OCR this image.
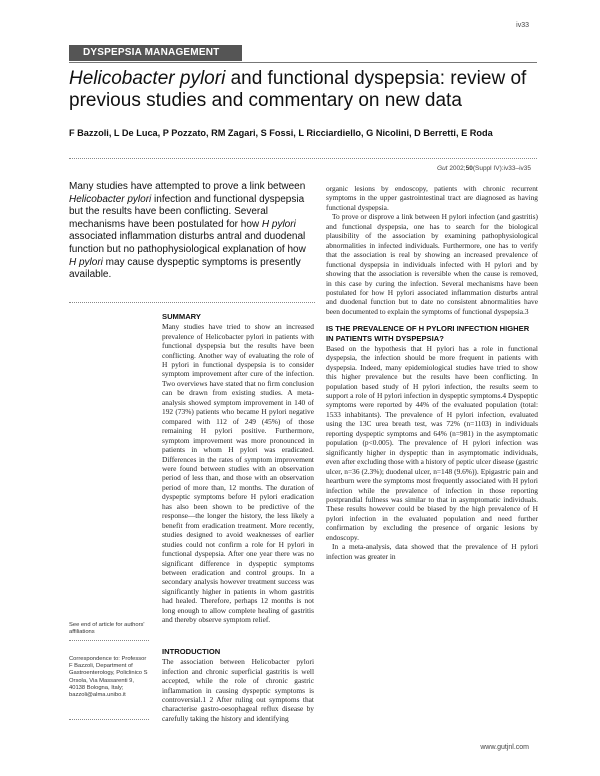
iv33
DYSPEPSIA MANAGEMENT
Helicobacter pylori and functional dyspepsia: review of previous studies and commentary on new data
F Bazzoli, L De Luca, P Pozzato, RM Zagari, S Fossi, L Ricciardiello, G Nicolini, D Berretti, E Roda
Gut 2002;50(Suppl IV):iv33–iv35
Many studies have attempted to prove a link between Helicobacter pylori infection and functional dyspepsia but the results have been conflicting. Several mechanisms have been postulated for how H pylori associated inflammation disturbs antral and duodenal function but no pathophysiological explanation of how H pylori may cause dyspeptic symptoms is presently available.
SUMMARY

Many studies have tried to show an increased prevalence of Helicobacter pylori in patients with functional dyspepsia but the results have been conflicting. Another way of evaluating the role of H pylori in functional dyspepsia is to consider symptom improvement after cure of the infection. Two overviews have stated that no firm conclusion can be drawn from existing studies. A meta-analysis showed symptom improvement in 140 of 192 (73%) patients who became H pylori negative compared with 112 of 249 (45%) of those remaining H pylori positive. Furthermore, symptom improvement was more pronounced in patients in whom H pylori was eradicated. Differences in the rates of symptom improvement were found between studies with an observation period of less than, and those with an observation period of more than, 12 months. The duration of dyspeptic symptoms before H pylori eradication has also been shown to be predictive of the response—the longer the history, the less likely a benefit from eradication treatment. More recently, studies designed to avoid weaknesses of earlier studies could not confirm a role for H pylori in functional dyspepsia. After one year there was no significant difference in dyspeptic symptoms between eradication and control groups. In a secondary analysis however treatment success was significantly higher in patients in whom gastritis had healed. Therefore, perhaps 12 months is not long enough to allow complete healing of gastritis and thereby observe symptom relief.

INTRODUCTION

The association between Helicobacter pylori infection and chronic superficial gastritis is well accepted, while the role of chronic gastric inflammation in causing dyspeptic symptoms is controversial.1 2 After ruling out symptoms that characterise gastro-oesophageal reflux disease by carefully taking the history and identifying

organic lesions by endoscopy, patients with chronic recurrent symptoms in the upper gastrointestinal tract are diagnosed as having functional dyspepsia.

To prove or disprove a link between H pylori infection (and gastritis) and functional dyspepsia, one has to search for the biological plausibility of the association by examining pathophysiological abnormalities in infected individuals. Furthermore, one has to verify that the association is real by showing an increased prevalence of functional dyspepsia in individuals infected with H pylori and by showing that the association is reversible when the cause is removed, in this case by curing the infection. Several mechanisms have been postulated for how H pylori associated inflammation disturbs antral and duodenal function but to date no consistent abnormalities have been documented to explain the symptoms of functional dyspepsia.3

IS THE PREVALENCE OF H PYLORI INFECTION HIGHER IN PATIENTS WITH DYSPEPSIA?

Based on the hypothesis that H pylori has a role in functional dyspepsia, the infection should be more frequent in patients with dyspepsia. Indeed, many epidemiological studies have tried to show this higher prevalence but the results have been conflicting. In population based study of H pylori infection, the results seem to support a role of H pylori infection in dyspeptic symptoms.4 Dyspeptic symptoms were reported by 44% of the evaluated population (total: 1533 inhabitants). The prevalence of H pylori infection, evaluated using the 13C urea breath test, was 72% (n=1103) in individuals reporting dyspeptic symptoms and 64% (n=981) in the asymptomatic population (p<0.005). The prevalence of H pylori infection was significantly higher in dyspeptic than in asymptomatic individuals, even after excluding those with a history of peptic ulcer disease (gastric ulcer, n=36 (2.3%); duodenal ulcer, n=148 (9.6%)). Epigastric pain and heartburn were the symptoms most frequently associated with H pylori infection while the prevalence of infection in those reporting postprandial fullness was similar to that in asymptomatic individuals. These results however could be biased by the high prevalence of H pylori infection in the evaluated population and need further confirmation by excluding the presence of organic lesions by endoscopy.

In a meta-analysis, data showed that the prevalence of H pylori infection was greater in

See end of article for authors' affiliations
Correspondence to: Professor F Bazzoli, Department of Gastroenterology, Policlinico S Orsola, Via Massarenti 9, 40138 Bologna, Italy; bazzoli@alma.unibo.it
www.gutjnl.com
